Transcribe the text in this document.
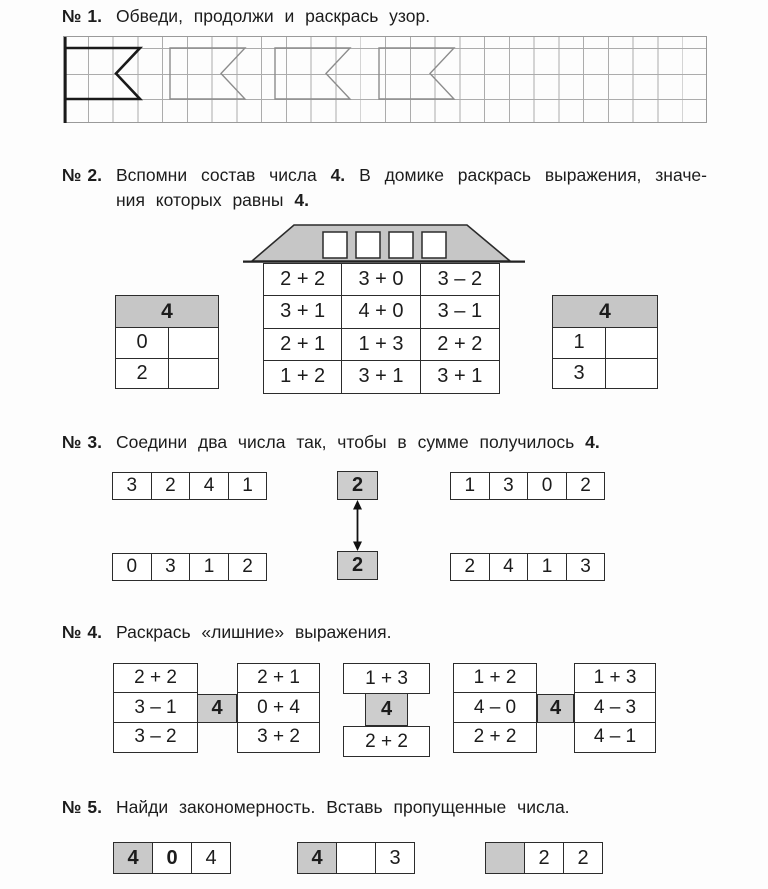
№ 1. Обведи, продолжи и раскрась узор.
№ 2. Вспомни состав числа 4. В домике раскрась выражения, значе-
ния которых равны 4.
2 + 2	3 + 0	3 – 2
3 + 1	4 + 0	3 – 1
2 + 1	1 + 3	2 + 2
1 + 2	3 + 1	3 + 1
4
0
2
4
1
3
№ 3. Соедини два числа так, чтобы в сумме получилось 4.
3	2	4	1	2	1	3	0	2
0	3	1	2	2	2	4	1	3
№ 4. Раскрась «лишние» выражения.
2 + 2
3 – 1
3 – 2
4
2 + 1
0 + 4
3 + 2
1 + 3
4
2 + 2
1 + 2
4 – 0
2 + 2
4
1 + 3
4 – 3
4 – 1
№ 5. Найди закономерность. Вставь пропущенные числа.
4	0	4	4	3	2	2
